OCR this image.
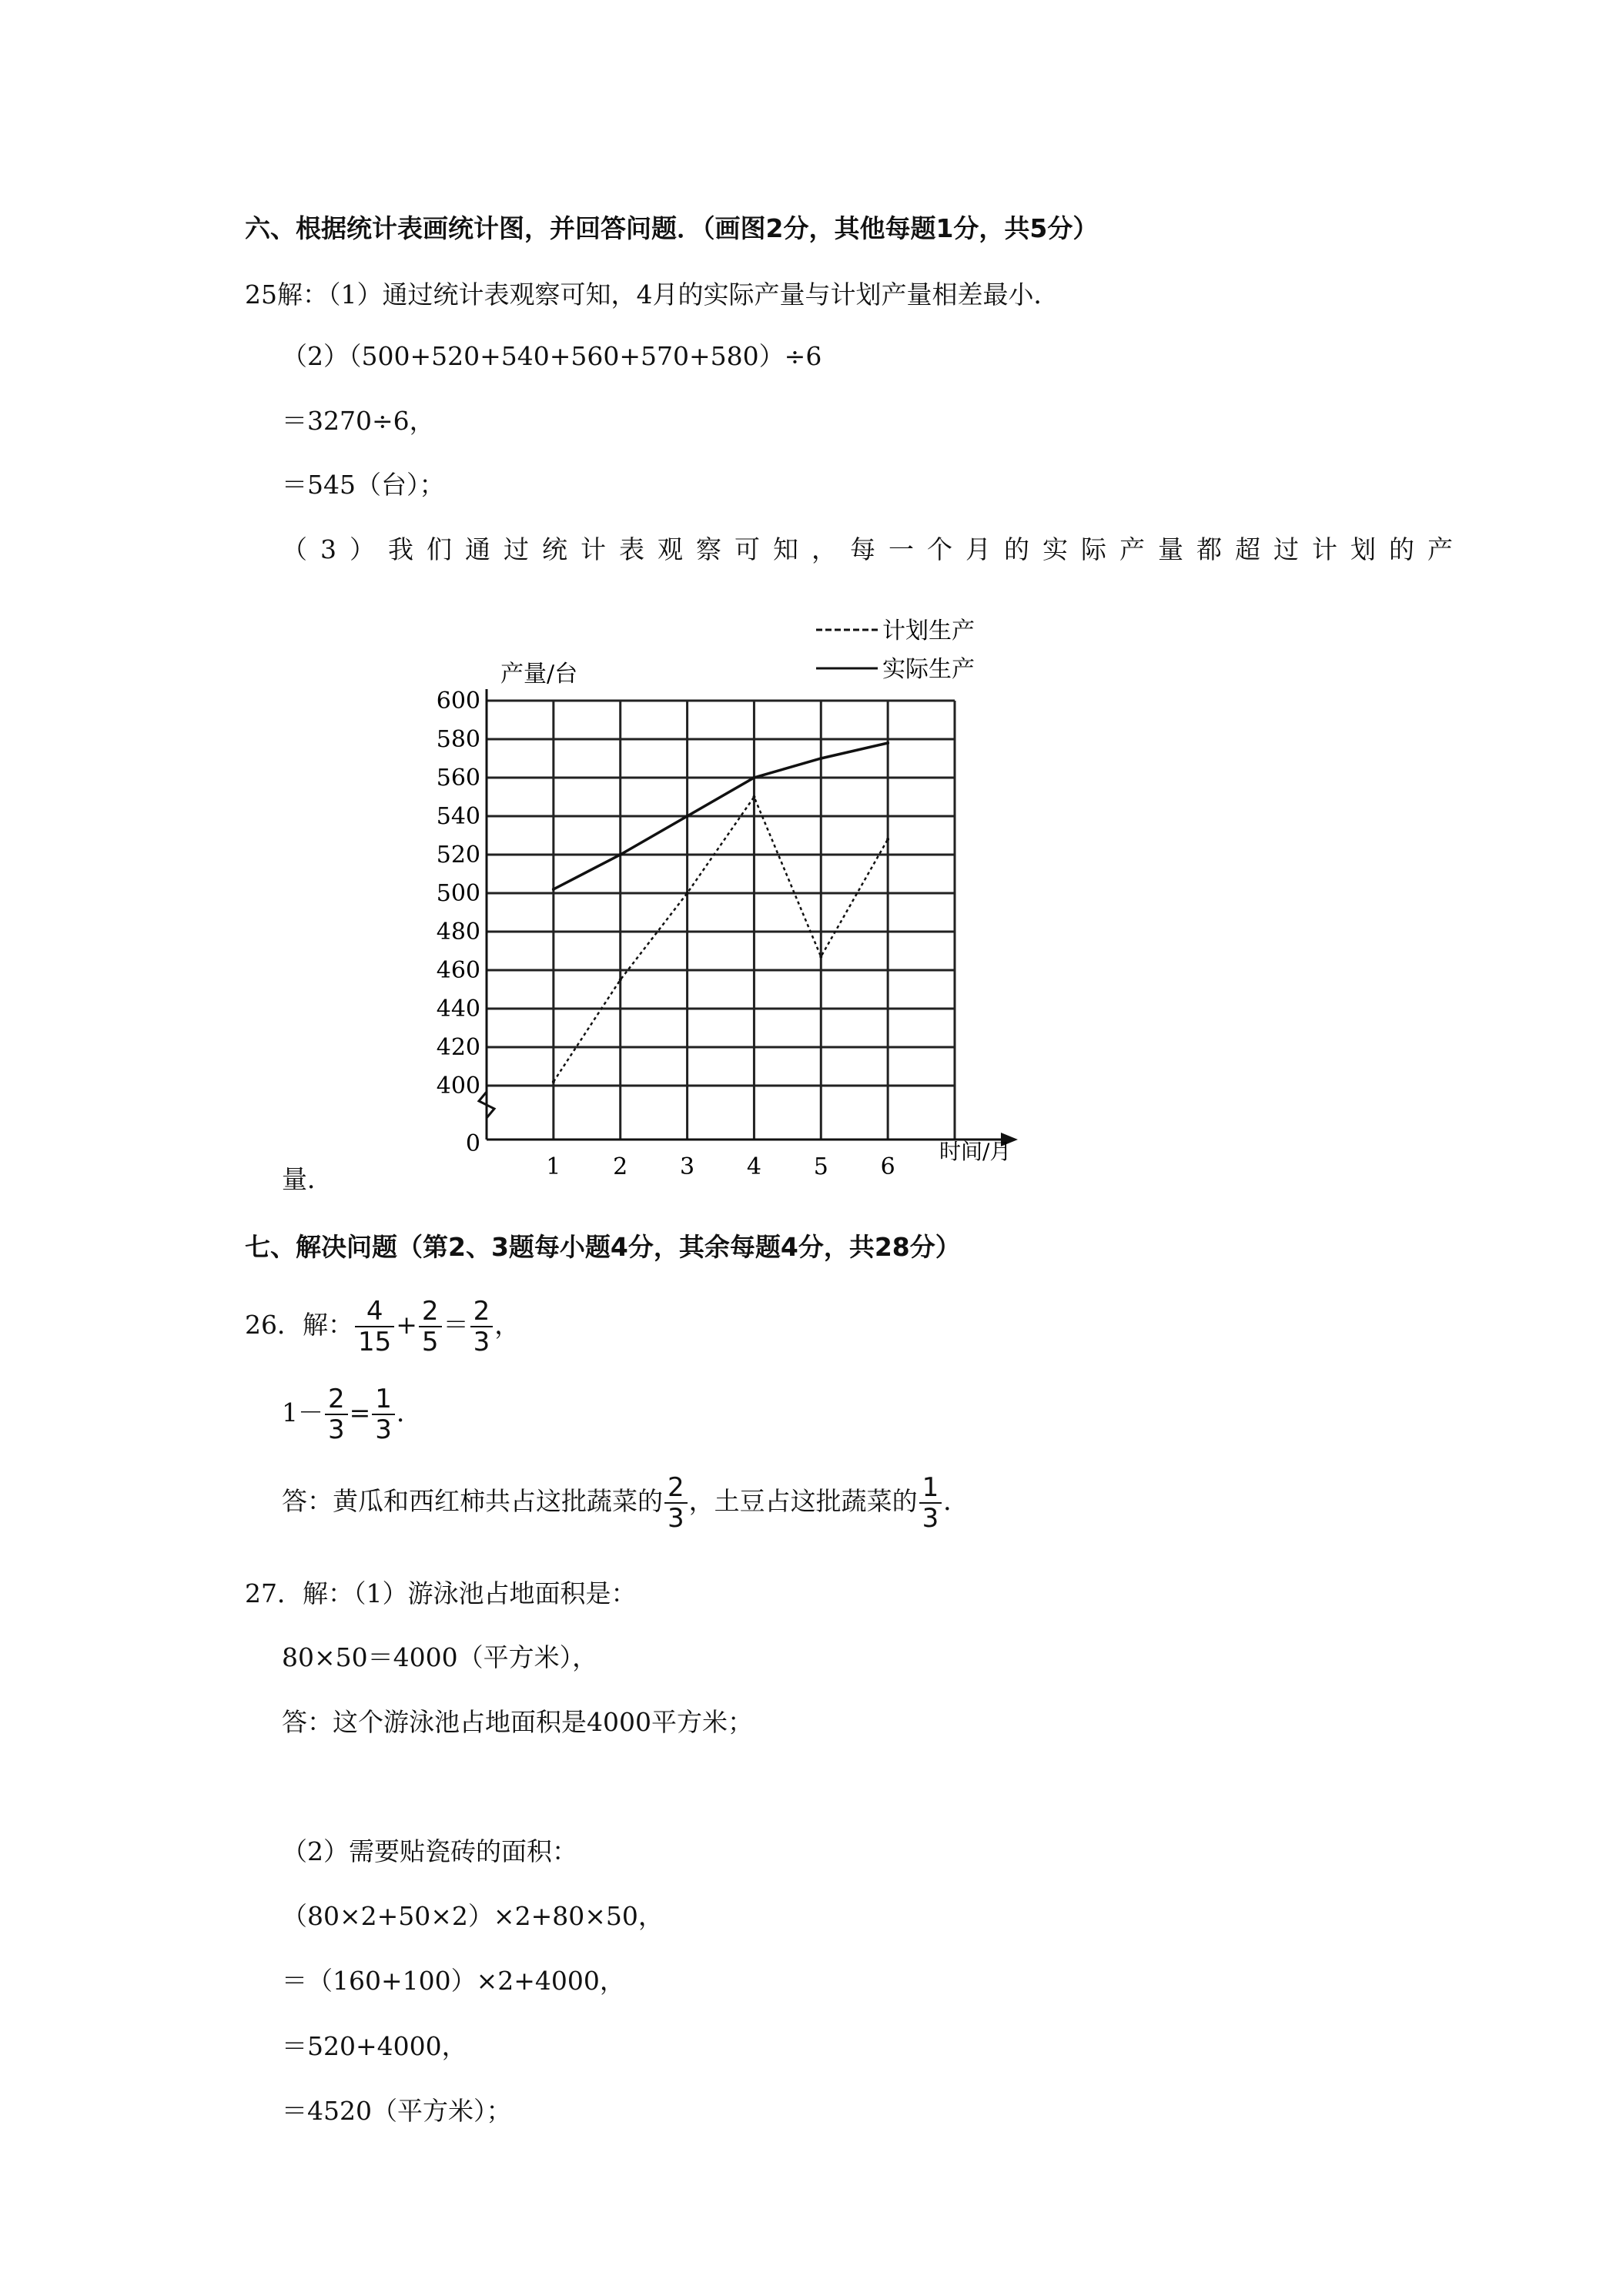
六、根据统计表画统计图，并回答问题．（画图2分，其他每题1分，共5分）
25解：（1）通过统计表观察可知，4月的实际产量与计划产量相差最小．
（2）（500+520+540+560+570+580）÷6
＝3270÷6，
＝545（台）；
（3）我们通过统计表观察可知，每一个月的实际产量都超过计划的产
0
400
420
440
460
480
500
520
540
560
580
600
1 2 3 4 5 6
计划生产
实际生产
产量/台
时间/月
量．
七、解决问题（第2、3题每小题4分，其余每题4分，共28分）
26．解： $\frac{4}{15} + \frac{2}{5} = \frac{2}{3}$ ，
$1- \frac{2}{3} = \frac{1}{3}$ ．
答：黄瓜和西红柿共占这批蔬菜的 $\frac{2}{3}$ ，土豆占这批蔬菜的 $\frac{1}{3}$ ．
27．解：（1）游泳池占地面积是：
80×50＝4000（平方米），
答：这个游泳池占地面积是4000平方米；
（2）需要贴瓷砖的面积：
（80×2+50×2）×2+80×50，
＝（160+100）×2+4000，
＝520+4000，
＝4520（平方米）；
